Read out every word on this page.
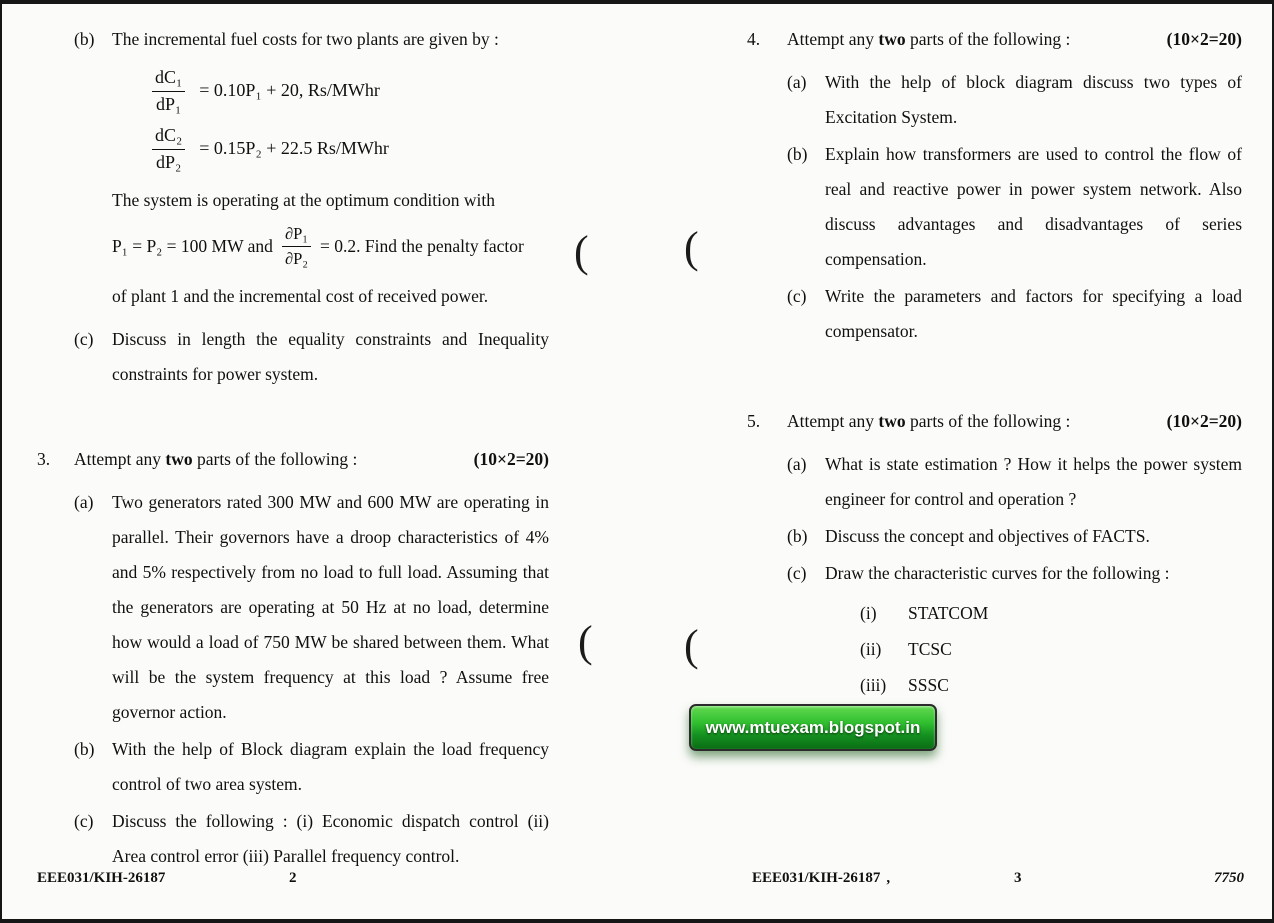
(b)	The incremental fuel costs for two plants are given by :

$\frac{\text{dC₁}}{\text{dP₁}} = 0.10P_1 + 20$, Rs/MWhr
$\frac{\text{dC₂}}{\text{dP₂}} = 0.15P_2 + 22.5$ Rs/MWhr

The system is operating at the optimum condition with

P₁ = P₂ = 100 MW and $\frac{\text{∂P₁}}{\text{∂P₂}} = 0.2$. Find the penalty factor

of plant 1 and the incremental cost of received power.

(c)	Discuss in length the equality constraints and Inequality constraints for power system.

3.	Attempt any two parts of the following :	(10×2=20)
(a)	Two generators rated 300 MW and 600 MW are operating in parallel. Their governors have a droop characteristics of 4% and 5% respectively from no load to full load. Assuming that the generators are operating at 50 Hz at no load, determine how would a load of 750 MW be shared between them. What will be the system frequency at this load ? Assume free governor action.

(b)	With the help of Block diagram explain the load frequency control of two area system.

(c)	Discuss the following : (i) Economic dispatch control (ii) Area control error (iii) Parallel frequency control.

4.	Attempt any two parts of the following :	(10×2=20)
(a)	With the help of block diagram discuss two types of Excitation System.

(b)	Explain how transformers are used to control the flow of real and reactive power in power system network. Also discuss advantages and disadvantages of series compensation.

(c)	Write the parameters and factors for specifying a load compensator.

5.	Attempt any two parts of the following :	(10×2=20)
(a)	What is state estimation ? How it helps the power system engineer for control and operation ?

(b)	Discuss the concept and objectives of FACTS.

(c)	Draw the characteristic curves for the following :

(i)	STATCOM
(ii)	TCSC
(iii)	SSSC
www.mtuexam.blogspot.in
( (
( (
EEE031/KIH-26187	2	EEE031/KIH-26187 ,	3	7750
